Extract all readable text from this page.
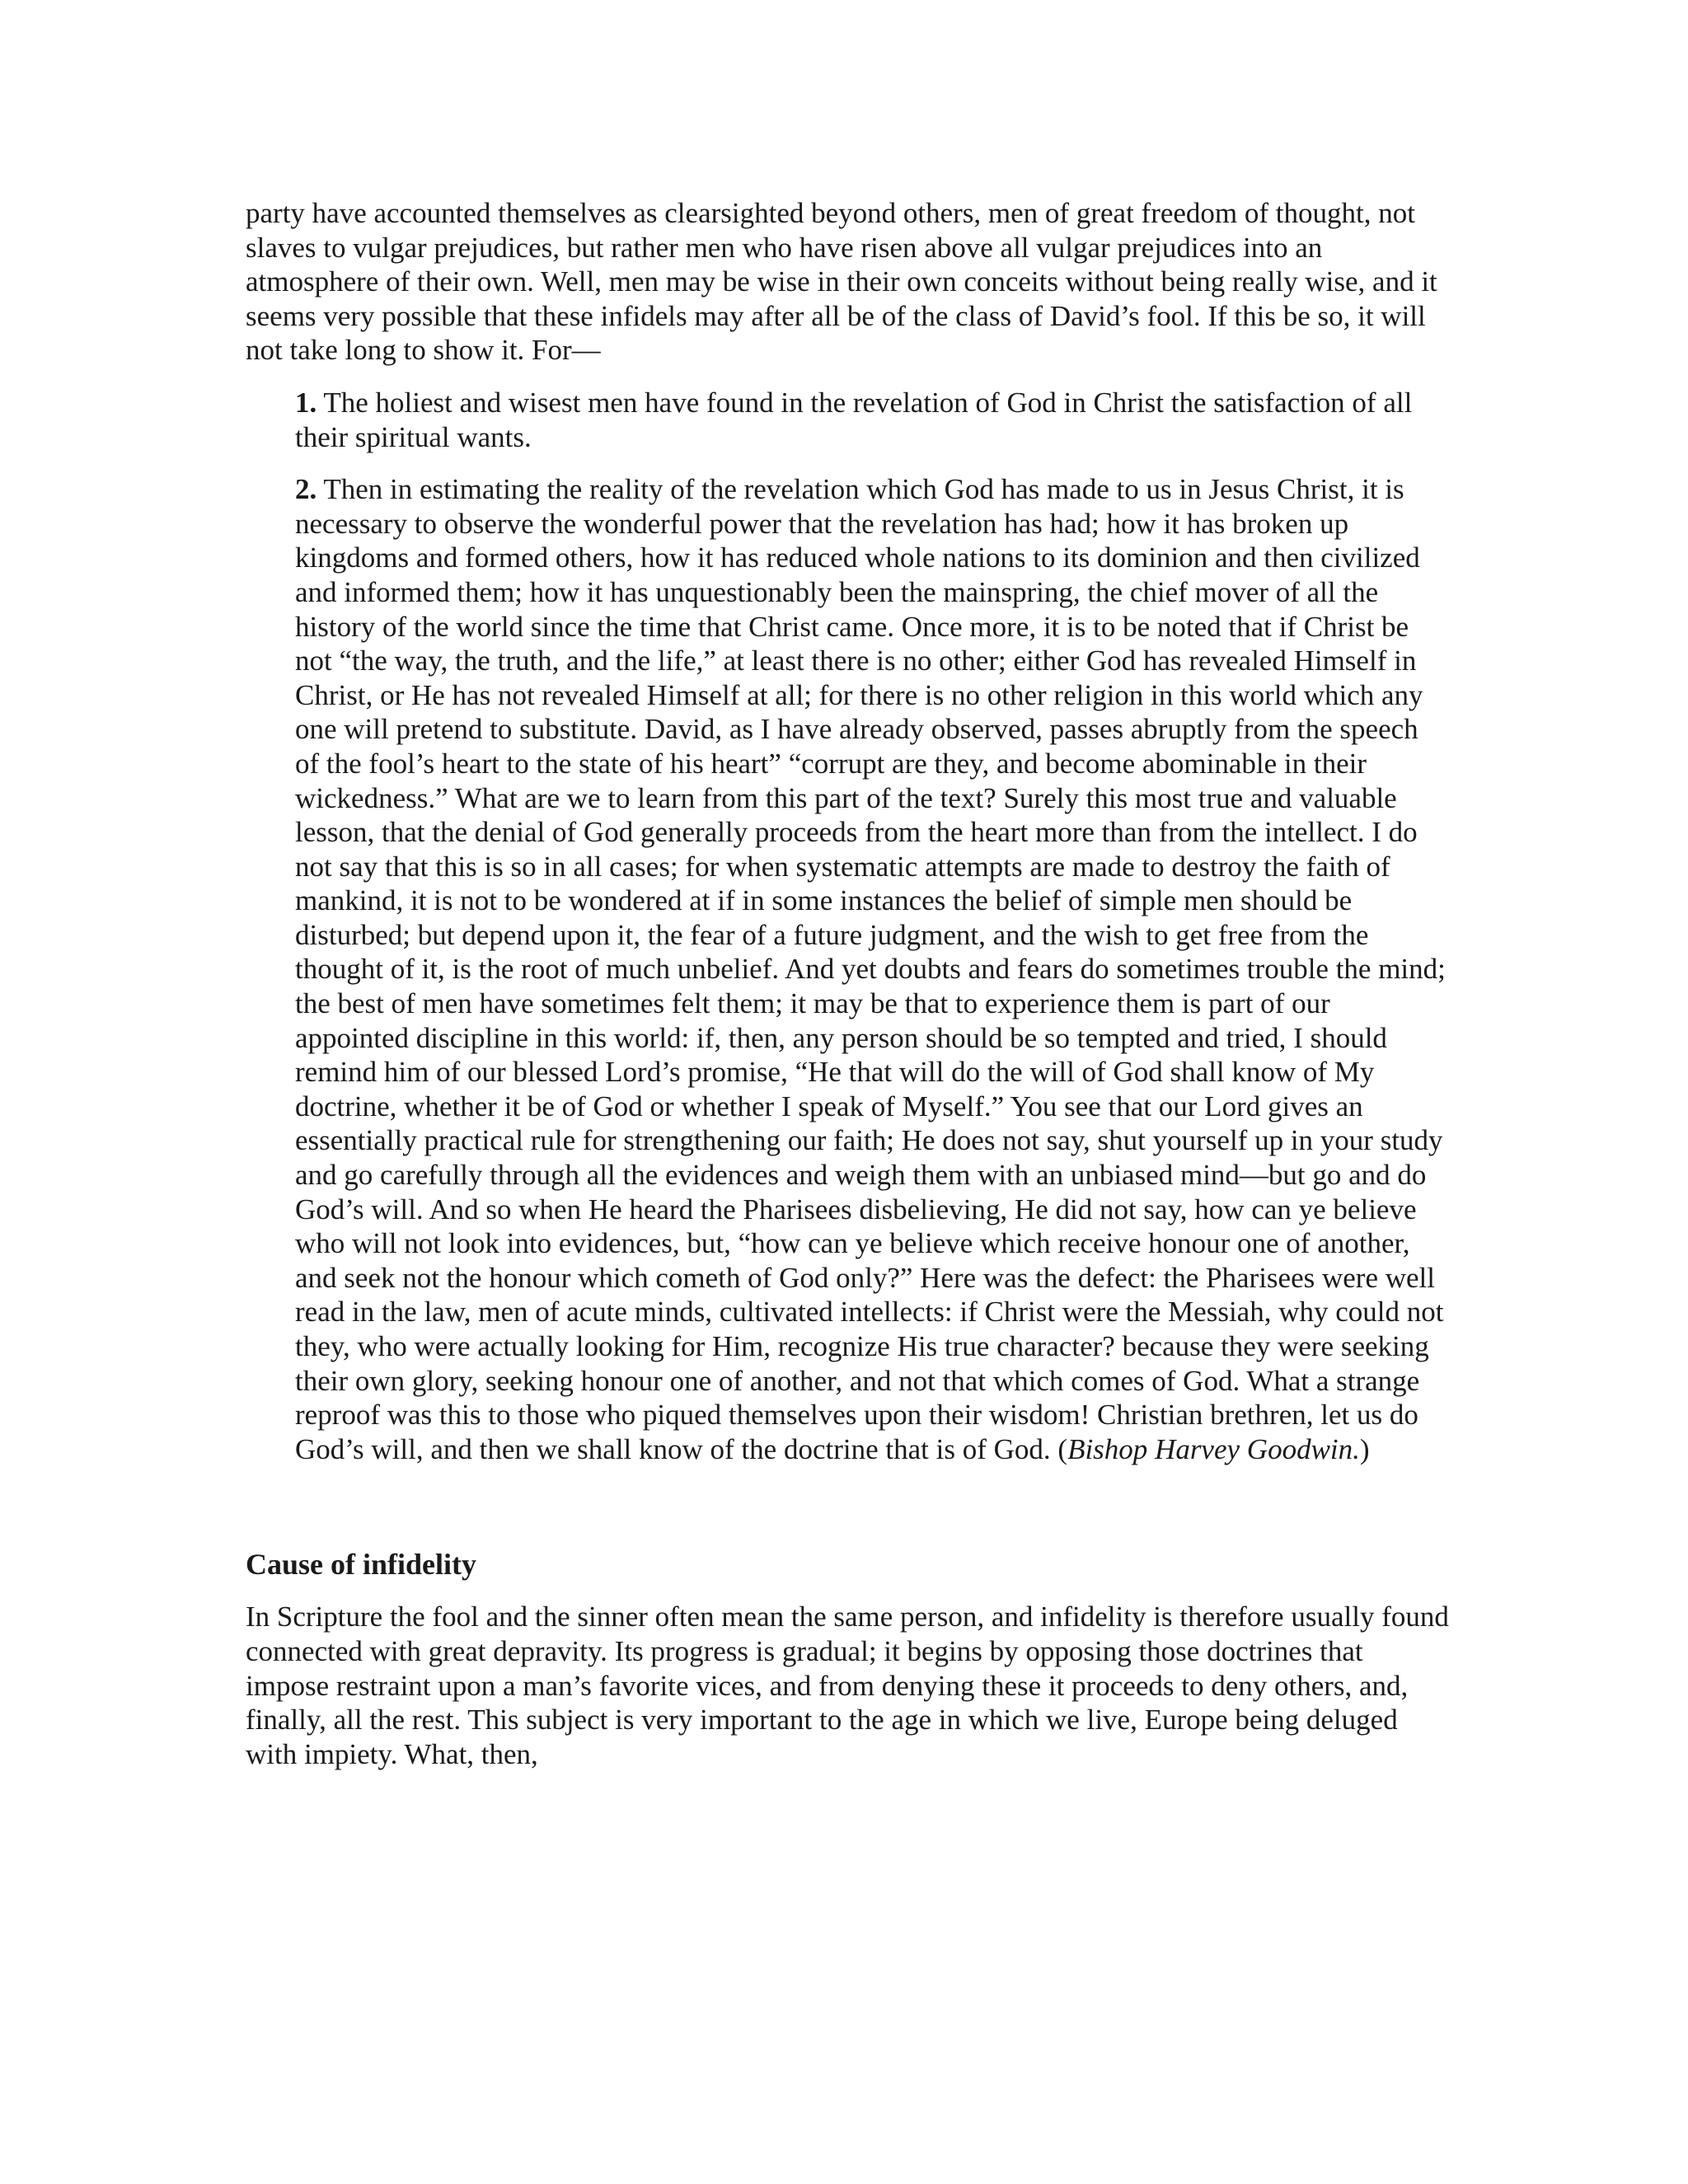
party have accounted themselves as clearsighted beyond others, men of great freedom of thought, not slaves to vulgar prejudices, but rather men who have risen above all vulgar prejudices into an atmosphere of their own. Well, men may be wise in their own conceits without being really wise, and it seems very possible that these infidels may after all be of the class of David’s fool. If this be so, it will not take long to show it. For—

1. The holiest and wisest men have found in the revelation of God in Christ the satisfaction of all their spiritual wants.

2. Then in estimating the reality of the revelation which God has made to us in Jesus Christ, it is necessary to observe the wonderful power that the revelation has had; how it has broken up kingdoms and formed others, how it has reduced whole nations to its dominion and then civilized and informed them; how it has unquestionably been the mainspring, the chief mover of all the history of the world since the time that Christ came. Once more, it is to be noted that if Christ be not “the way, the truth, and the life,” at least there is no other; either God has revealed Himself in Christ, or He has not revealed Himself at all; for there is no other religion in this world which any one will pretend to substitute. David, as I have already observed, passes abruptly from the speech of the fool’s heart to the state of his heart” “corrupt are they, and become abominable in their wickedness.” What are we to learn from this part of the text? Surely this most true and valuable lesson, that the denial of God generally proceeds from the heart more than from the intellect. I do not say that this is so in all cases; for when systematic attempts are made to destroy the faith of mankind, it is not to be wondered at if in some instances the belief of simple men should be disturbed; but depend upon it, the fear of a future judgment, and the wish to get free from the thought of it, is the root of much unbelief. And yet doubts and fears do sometimes trouble the mind; the best of men have sometimes felt them; it may be that to experience them is part of our appointed discipline in this world: if, then, any person should be so tempted and tried, I should remind him of our blessed Lord’s promise, “He that will do the will of God shall know of My doctrine, whether it be of God or whether I speak of Myself.” You see that our Lord gives an essentially practical rule for strengthening our faith; He does not say, shut yourself up in your study and go carefully through all the evidences and weigh them with an unbiased mind—but go and do God’s will. And so when He heard the Pharisees disbelieving, He did not say, how can ye believe who will not look into evidences, but, “how can ye believe which receive honour one of another, and seek not the honour which cometh of God only?” Here was the defect: the Pharisees were well read in the law, men of acute minds, cultivated intellects: if Christ were the Messiah, why could not they, who were actually looking for Him, recognize His true character? because they were seeking their own glory, seeking honour one of another, and not that which comes of God. What a strange reproof was this to those who piqued themselves upon their wisdom! Christian brethren, let us do God’s will, and then we shall know of the doctrine that is of God. (Bishop Harvey Goodwin.)

Cause of infidelity

In Scripture the fool and the sinner often mean the same person, and infidelity is therefore usually found connected with great depravity. Its progress is gradual; it begins by opposing those doctrines that impose restraint upon a man’s favorite vices, and from denying these it proceeds to deny others, and, finally, all the rest. This subject is very important to the age in which we live, Europe being deluged with impiety. What, then,
